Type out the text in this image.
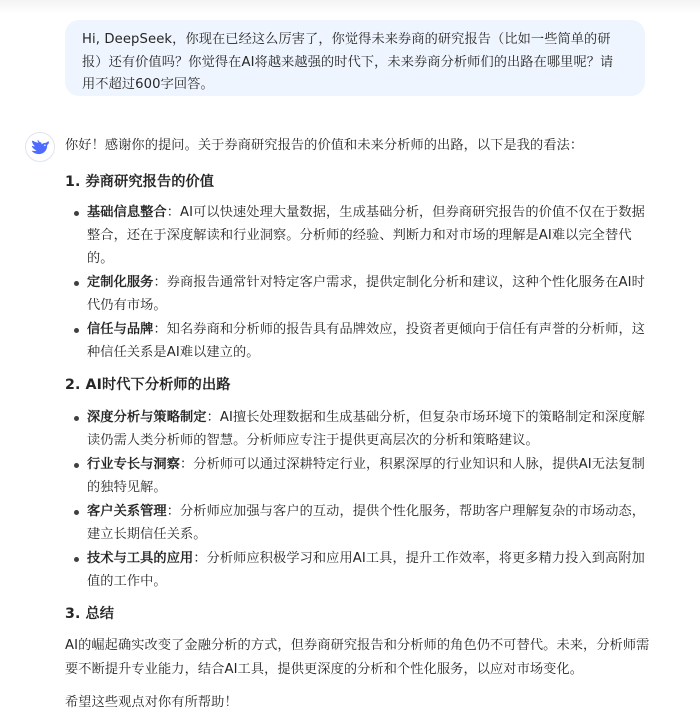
Hi, DeepSeek，你现在已经这么厉害了，你觉得未来券商的研究报告（比如一些简单的研报）还有价值吗？你觉得在AI将越来越强的时代下，未来券商分析师们的出路在哪里呢？请用不超过600字回答。

你好！感谢你的提问。关于券商研究报告的价值和未来分析师的出路，以下是我的看法：

1. 券商研究报告的价值
基础信息整合：AI可以快速处理大量数据，生成基础分析，但券商研究报告的价值不仅在于数据整合，还在于深度解读和行业洞察。分析师的经验、判断力和对市场的理解是AI难以完全替代的。
定制化服务：券商报告通常针对特定客户需求，提供定制化分析和建议，这种个性化服务在AI时代仍有市场。
信任与品牌：知名券商和分析师的报告具有品牌效应，投资者更倾向于信任有声誉的分析师，这种信任关系是AI难以建立的。
2. AI时代下分析师的出路
深度分析与策略制定：AI擅长处理数据和生成基础分析，但复杂市场环境下的策略制定和深度解读仍需人类分析师的智慧。分析师应专注于提供更高层次的分析和策略建议。
行业专长与洞察：分析师可以通过深耕特定行业，积累深厚的行业知识和人脉，提供AI无法复制的独特见解。
客户关系管理：分析师应加强与客户的互动，提供个性化服务，帮助客户理解复杂的市场动态，建立长期信任关系。
技术与工具的应用：分析师应积极学习和应用AI工具，提升工作效率，将更多精力投入到高附加值的工作中。
3. 总结

AI的崛起确实改变了金融分析的方式，但券商研究报告和分析师的角色仍不可替代。未来，分析师需要不断提升专业能力，结合AI工具，提供更深度的分析和个性化服务，以应对市场变化。

希望这些观点对你有所帮助！
